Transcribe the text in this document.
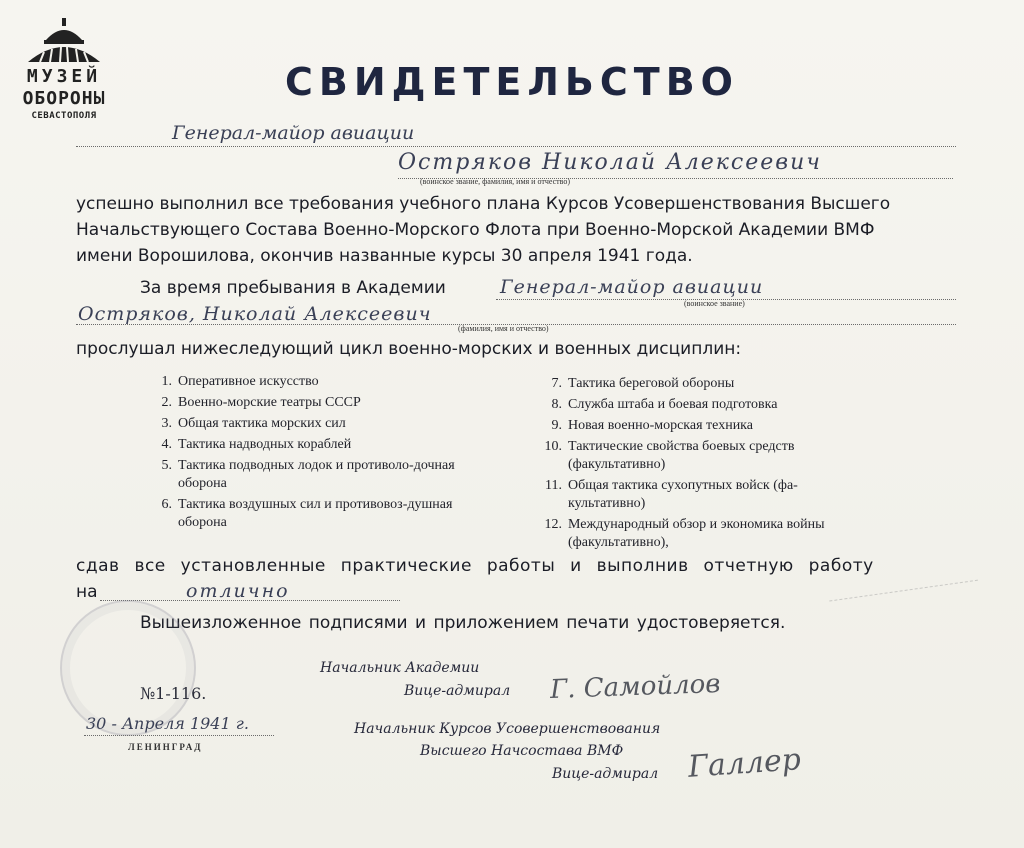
МУЗЕЙ
ОБОРОНЫ
СЕВАСТОПОЛЯ
СВИДЕТЕЛЬСТВО
Генерал-майор авиации
Остряков Николай Алексеевич
(воинское звание, фамилия, имя и отчество)
успешно выполнил все требования учебного плана Курсов Усовершенствования Высшего
Начальствующего Состава Военно-Морского Флота при Военно-Морской Академии ВМФ
имени Ворошилова, окончив названные курсы 30 апреля 1941 года.
За время пребывания в Академии	Генерал-майор авиации
(воинское звание)
Остряков, Николай Алексеевич
(фамилия, имя и отчество)
прослушал нижеследующий цикл военно-морских и военных дисциплин:
1. Оперативное искусство
2. Военно-морские театры СССР
3. Общая тактика морских сил
4. Тактика надводных кораблей
5. Тактика подводных лодок и противоло-дочная оборона
6. Тактика воздушных сил и противовоз-душная оборона
7. Тактика береговой обороны
8. Служба штаба и боевая подготовка
9. Новая военно-морская техника
10. Тактические свойства боевых средств (факультативно)
11. Общая тактика сухопутных войск (фа-культативно)
12. Международный обзор и экономика войны (факультативно),
сдав все установленные практические работы и выполнив отчетную работу
на	отлично
Вышеизложенное подписями и приложением печати удостоверяется.
Начальник Академии
Вице-адмирал Г. Самойлов
№1-116.
30 - Апреля 1941 г.
ЛЕНИНГРАД
Начальник Курсов Усовершенствования
Высшего Начсостава ВМФ
Вице-адмирал Галлер
